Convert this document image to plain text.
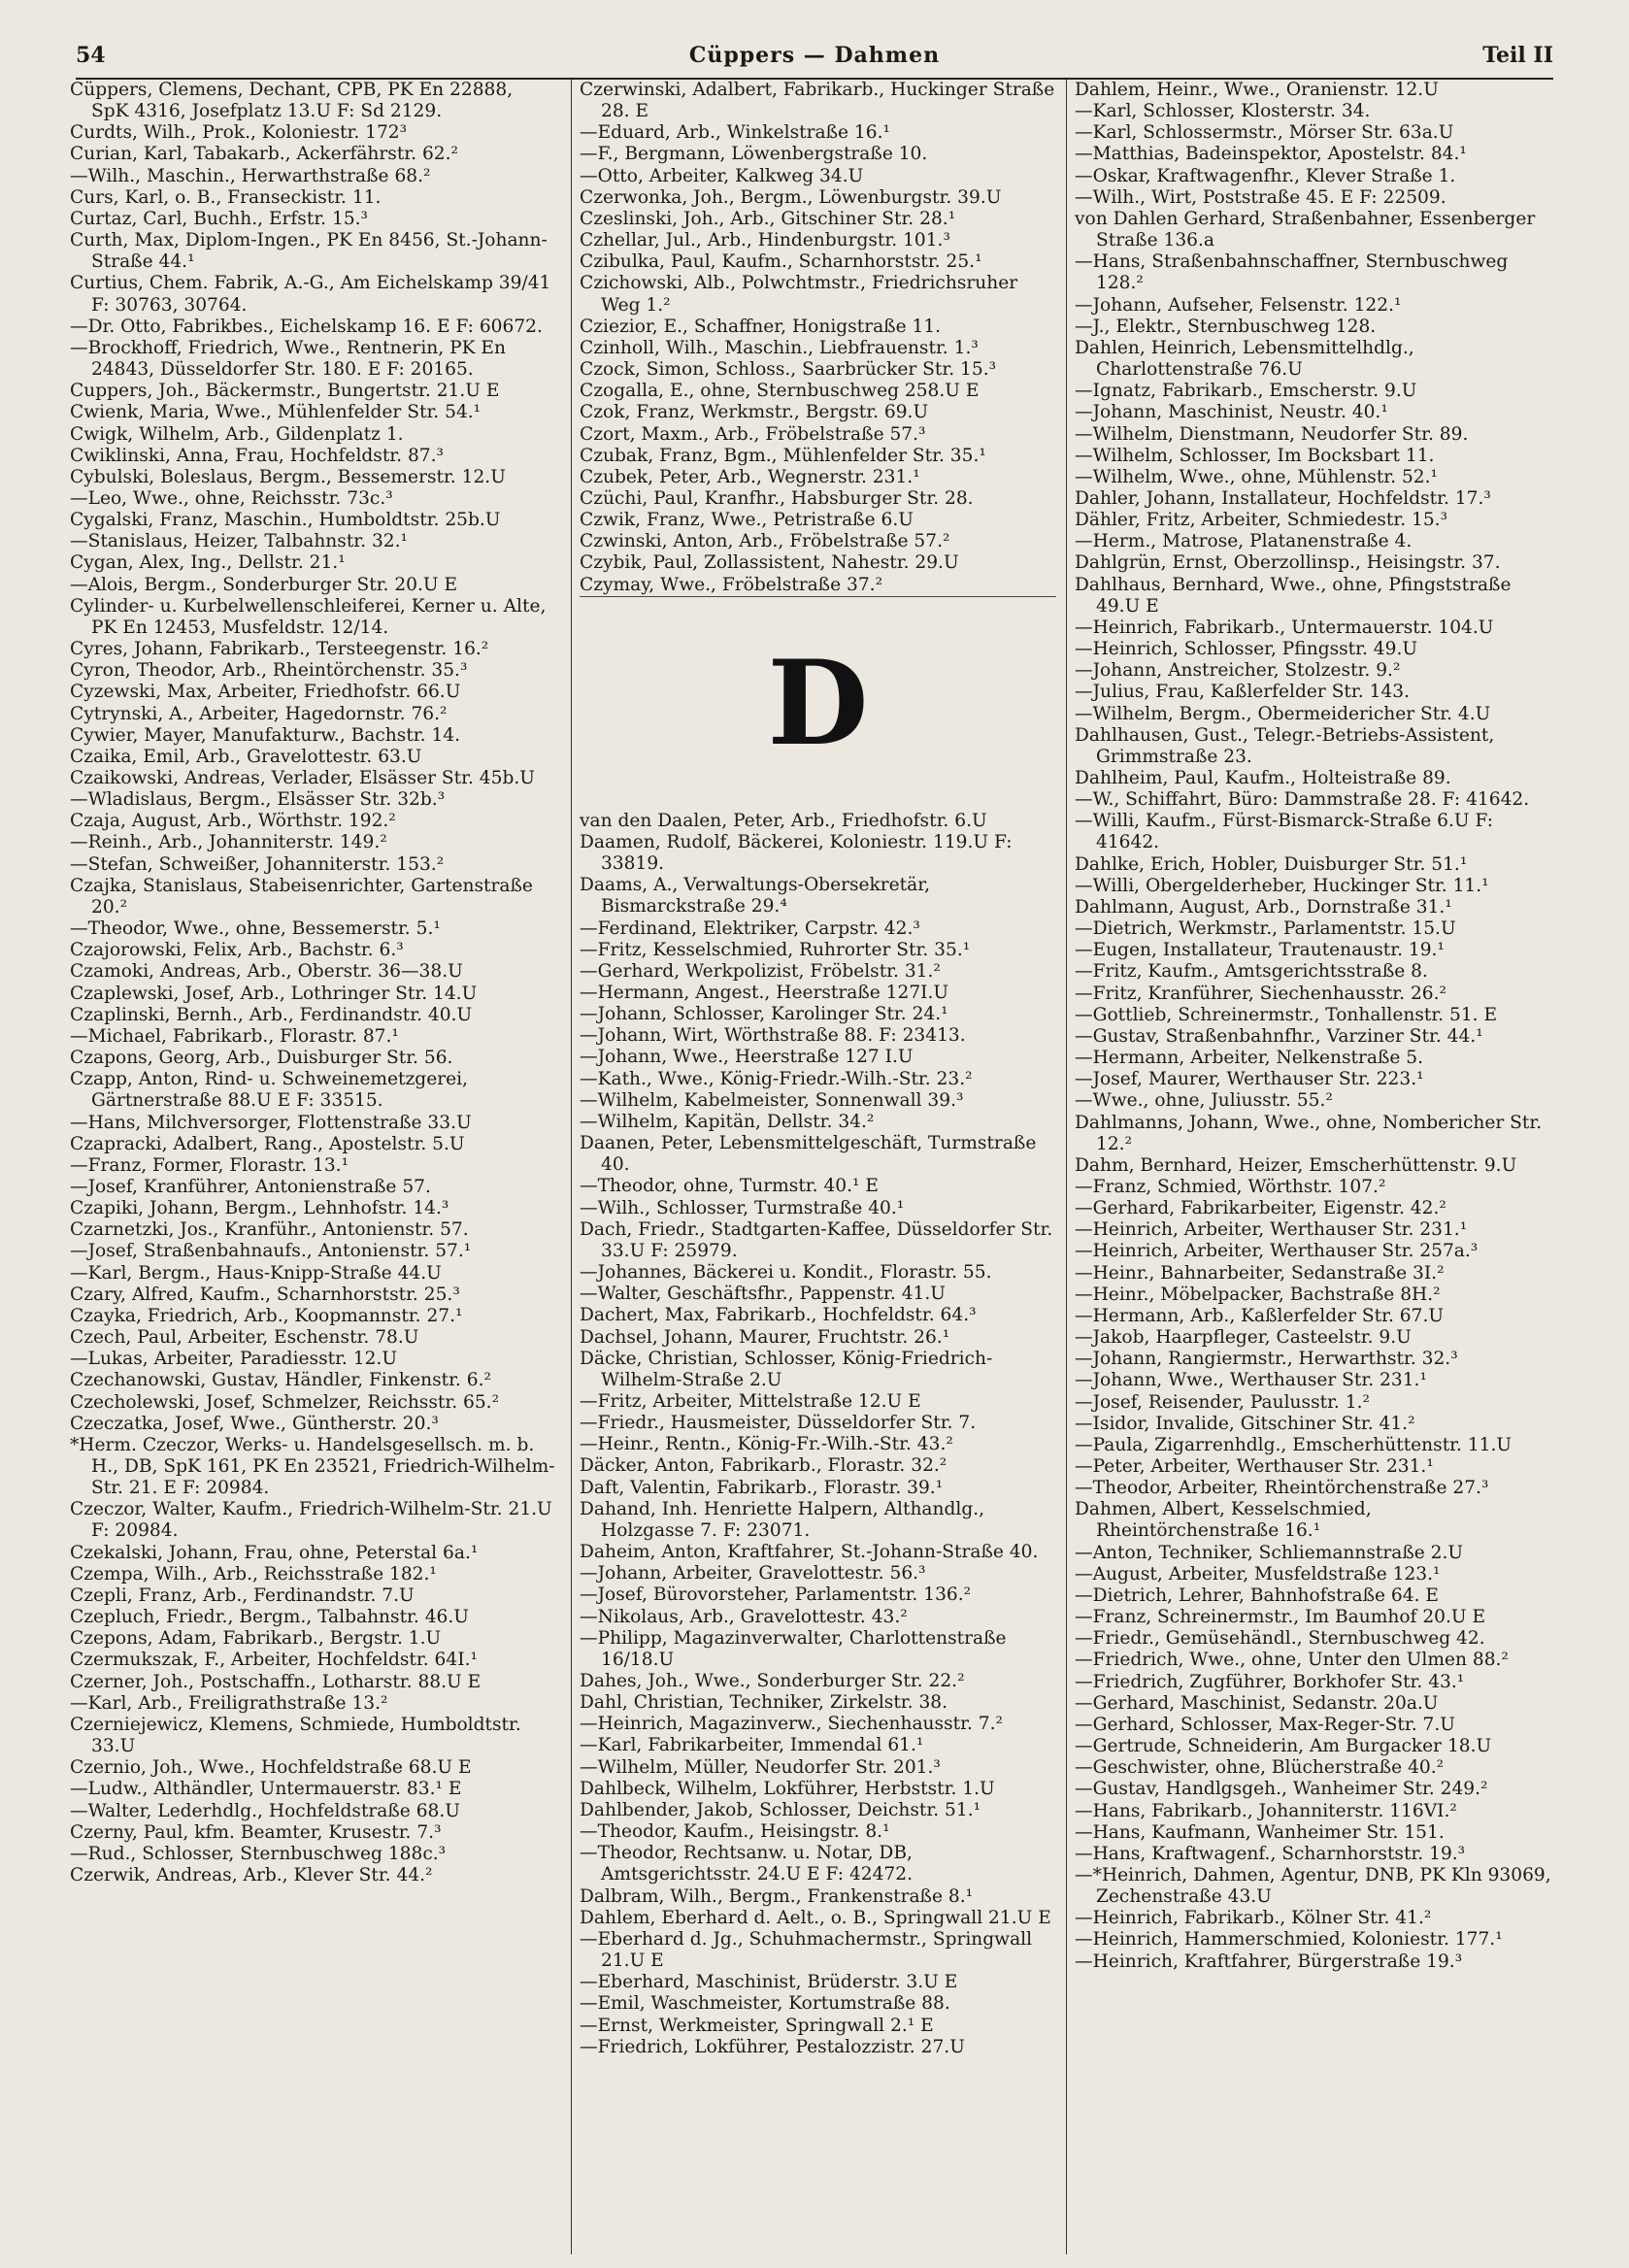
54	Cüppers — Dahmen	Teil II
Cüppers, Clemens, Dechant, CPB, PK En 22888, SpK 4316, Josefplatz 13.U F: Sd 2129.
Curdts, Wilh., Prok., Koloniestr. 172³
Curian, Karl, Tabakarb., Ackerfährstr. 62.²
—Wilh., Maschin., Herwarthstraße 68.²
Curs, Karl, o. B., Franseckistr. 11.
Curtaz, Carl, Buchh., Erfstr. 15.³
Curth, Max, Diplom-Ingen., PK En 8456, St.-Johann-Straße 44.¹
Curtius, Chem. Fabrik, A.-G., Am Eichelskamp 39/41 F: 30763, 30764.
—Dr. Otto, Fabrikbes., Eichelskamp 16. E F: 60672.
—Brockhoff, Friedrich, Wwe., Rentnerin, PK En 24843, Düsseldorfer Str. 180. E F: 20165.
Cuppers, Joh., Bäckermstr., Bungertstr. 21.U E
Cwienk, Maria, Wwe., Mühlenfelder Str. 54.¹
Cwigk, Wilhelm, Arb., Gildenplatz 1.
Cwiklinski, Anna, Frau, Hochfeldstr. 87.³
Cybulski, Boleslaus, Bergm., Bessemerstr. 12.U
—Leo, Wwe., ohne, Reichsstr. 73c.³
Cygalski, Franz, Maschin., Humboldtstr. 25b.U
—Stanislaus, Heizer, Talbahnstr. 32.¹
Cygan, Alex, Ing., Dellstr. 21.¹
—Alois, Bergm., Sonderburger Str. 20.U E
Cylinder- u. Kurbelwellenschleiferei, Kerner u. Alte, PK En 12453, Musfeldstr. 12/14.
Cyres, Johann, Fabrikarb., Tersteegenstr. 16.²
Cyron, Theodor, Arb., Rheintörchenstr. 35.³
Cyzewski, Max, Arbeiter, Friedhofstr. 66.U
Cytrynski, A., Arbeiter, Hagedornstr. 76.²
Cywier, Mayer, Manufakturw., Bachstr. 14.
Czaika, Emil, Arb., Gravelottestr. 63.U
Czaikowski, Andreas, Verlader, Elsässer Str. 45b.U
—Wladislaus, Bergm., Elsässer Str. 32b.³
Czaja, August, Arb., Wörthstr. 192.²
—Reinh., Arb., Johanniterstr. 149.²
—Stefan, Schweißer, Johanniterstr. 153.²
Czajka, Stanislaus, Stabeisenrichter, Gartenstraße 20.²
—Theodor, Wwe., ohne, Bessemerstr. 5.¹
Czajorowski, Felix, Arb., Bachstr. 6.³
Czamoki, Andreas, Arb., Oberstr. 36—38.U
Czaplewski, Josef, Arb., Lothringer Str. 14.U
Czaplinski, Bernh., Arb., Ferdinandstr. 40.U
—Michael, Fabrikarb., Florastr. 87.¹
Czapons, Georg, Arb., Duisburger Str. 56.
Czapp, Anton, Rind- u. Schweinemetzgerei, Gärtnerstraße 88.U E F: 33515.
—Hans, Milchversorger, Flottenstraße 33.U
Czapracki, Adalbert, Rang., Apostelstr. 5.U
—Franz, Former, Florastr. 13.¹
—Josef, Kranführer, Antonienstraße 57.
Czapiki, Johann, Bergm., Lehnhofstr. 14.³
Czarnetzki, Jos., Kranführ., Antonienstr. 57.
—Josef, Straßenbahnaufs., Antonienstr. 57.¹
—Karl, Bergm., Haus-Knipp-Straße 44.U
Czary, Alfred, Kaufm., Scharnhorststr. 25.³
Czayka, Friedrich, Arb., Koopmannstr. 27.¹
Czech, Paul, Arbeiter, Eschenstr. 78.U
—Lukas, Arbeiter, Paradiesstr. 12.U
Czechanowski, Gustav, Händler, Finkenstr. 6.²
Czecholewski, Josef, Schmelzer, Reichsstr. 65.²
Czeczatka, Josef, Wwe., Güntherstr. 20.³
*Herm. Czeczor, Werks- u. Handelsgesellsch. m. b. H., DB, SpK 161, PK En 23521, Friedrich-Wilhelm-Str. 21. E F: 20984.
Czeczor, Walter, Kaufm., Friedrich-Wilhelm-Str. 21.U F: 20984.
Czekalski, Johann, Frau, ohne, Peterstal 6a.¹
Czempa, Wilh., Arb., Reichsstraße 182.¹
Czepli, Franz, Arb., Ferdinandstr. 7.U
Czepluch, Friedr., Bergm., Talbahnstr. 46.U
Czepons, Adam, Fabrikarb., Bergstr. 1.U
Czermukszak, F., Arbeiter, Hochfeldstr. 64I.¹
Czerner, Joh., Postschaffn., Lotharstr. 88.U E
—Karl, Arb., Freiligrathstraße 13.²
Czerniejewicz, Klemens, Schmiede, Humboldtstr. 33.U
Czernio, Joh., Wwe., Hochfeldstraße 68.U E
—Ludw., Althändler, Untermauerstr. 83.¹ E
—Walter, Lederhdlg., Hochfeldstraße 68.U
Czerny, Paul, kfm. Beamter, Krusestr. 7.³
—Rud., Schlosser, Sternbuschweg 188c.³
Czerwik, Andreas, Arb., Klever Str. 44.²
Czerwinski, Adalbert, Fabrikarb., Huckinger Straße 28. E
—Eduard, Arb., Winkelstraße 16.¹
—F., Bergmann, Löwenbergstraße 10.
—Otto, Arbeiter, Kalkweg 34.U
Czerwonka, Joh., Bergm., Löwenburgstr. 39.U
Czeslinski, Joh., Arb., Gitschiner Str. 28.¹
Czhellar, Jul., Arb., Hindenburgstr. 101.³
Czibulka, Paul, Kaufm., Scharnhorststr. 25.¹
Czichowski, Alb., Polwchtmstr., Friedrichsruher Weg 1.²
Cziezior, E., Schaffner, Honigstraße 11.
Czinholl, Wilh., Maschin., Liebfrauenstr. 1.³
Czock, Simon, Schloss., Saarbrücker Str. 15.³
Czogalla, E., ohne, Sternbuschweg 258.U E
Czok, Franz, Werkmstr., Bergstr. 69.U
Czort, Maxm., Arb., Fröbelstraße 57.³
Czubak, Franz, Bgm., Mühlenfelder Str. 35.¹
Czubek, Peter, Arb., Wegnerstr. 231.¹
Czüchi, Paul, Kranfhr., Habsburger Str. 28.
Czwik, Franz, Wwe., Petristraße 6.U
Czwinski, Anton, Arb., Fröbelstraße 57.²
Czybik, Paul, Zollassistent, Nahestr. 29.U
Czymay, Wwe., Fröbelstraße 37.²
D
van den Daalen, Peter, Arb., Friedhofstr. 6.U
Daamen, Rudolf, Bäckerei, Koloniestr. 119.U F: 33819.
Daams, A., Verwaltungs-Obersekretär, Bismarckstraße 29.⁴
—Ferdinand, Elektriker, Carpstr. 42.³
—Fritz, Kesselschmied, Ruhrorter Str. 35.¹
—Gerhard, Werkpolizist, Fröbelstr. 31.²
—Hermann, Angest., Heerstraße 127I.U
—Johann, Schlosser, Karolinger Str. 24.¹
—Johann, Wirt, Wörthstraße 88. F: 23413.
—Johann, Wwe., Heerstraße 127 I.U
—Kath., Wwe., König-Friedr.-Wilh.-Str. 23.²
—Wilhelm, Kabelmeister, Sonnenwall 39.³
—Wilhelm, Kapitän, Dellstr. 34.²
Daanen, Peter, Lebensmittelgeschäft, Turmstraße 40.
—Theodor, ohne, Turmstr. 40.¹ E
—Wilh., Schlosser, Turmstraße 40.¹
Dach, Friedr., Stadtgarten-Kaffee, Düsseldorfer Str. 33.U F: 25979.
—Johannes, Bäckerei u. Kondit., Florastr. 55.
—Walter, Geschäftsfhr., Pappenstr. 41.U
Dachert, Max, Fabrikarb., Hochfeldstr. 64.³
Dachsel, Johann, Maurer, Fruchtstr. 26.¹
Däcke, Christian, Schlosser, König-Friedrich-Wilhelm-Straße 2.U
—Fritz, Arbeiter, Mittelstraße 12.U E
—Friedr., Hausmeister, Düsseldorfer Str. 7.
—Heinr., Rentn., König-Fr.-Wilh.-Str. 43.²
Däcker, Anton, Fabrikarb., Florastr. 32.²
Daft, Valentin, Fabrikarb., Florastr. 39.¹
Dahand, Inh. Henriette Halpern, Althandlg., Holzgasse 7. F: 23071.
Daheim, Anton, Kraftfahrer, St.-Johann-Straße 40.
—Johann, Arbeiter, Gravelottestr. 56.³
—Josef, Bürovorsteher, Parlamentstr. 136.²
—Nikolaus, Arb., Gravelottestr. 43.²
—Philipp, Magazinverwalter, Charlottenstraße 16/18.U
Dahes, Joh., Wwe., Sonderburger Str. 22.²
Dahl, Christian, Techniker, Zirkelstr. 38.
—Heinrich, Magazinverw., Siechenhausstr. 7.²
—Karl, Fabrikarbeiter, Immendal 61.¹
—Wilhelm, Müller, Neudorfer Str. 201.³
Dahlbeck, Wilhelm, Lokführer, Herbststr. 1.U
Dahlbender, Jakob, Schlosser, Deichstr. 51.¹
—Theodor, Kaufm., Heisingstr. 8.¹
—Theodor, Rechtsanw. u. Notar, DB, Amtsgerichtsstr. 24.U E F: 42472.
Dalbram, Wilh., Bergm., Frankenstraße 8.¹
Dahlem, Eberhard d. Aelt., o. B., Springwall 21.U E
—Eberhard d. Jg., Schuhmachermstr., Springwall 21.U E
—Eberhard, Maschinist, Brüderstr. 3.U E
—Emil, Waschmeister, Kortumstraße 88.
—Ernst, Werkmeister, Springwall 2.¹ E
—Friedrich, Lokführer, Pestalozzistr. 27.U
Dahlem, Heinr., Wwe., Oranienstr. 12.U
—Karl, Schlosser, Klosterstr. 34.
—Karl, Schlossermstr., Mörser Str. 63a.U
—Matthias, Badeinspektor, Apostelstr. 84.¹
—Oskar, Kraftwagenfhr., Klever Straße 1.
—Wilh., Wirt, Poststraße 45. E F: 22509.
von Dahlen Gerhard, Straßenbahner, Essenberger Straße 136.a
—Hans, Straßenbahnschaffner, Sternbuschweg 128.²
—Johann, Aufseher, Felsenstr. 122.¹
—J., Elektr., Sternbuschweg 128.
Dahlen, Heinrich, Lebensmittelhdlg., Charlottenstraße 76.U
—Ignatz, Fabrikarb., Emscherstr. 9.U
—Johann, Maschinist, Neustr. 40.¹
—Wilhelm, Dienstmann, Neudorfer Str. 89.
—Wilhelm, Schlosser, Im Bocksbart 11.
—Wilhelm, Wwe., ohne, Mühlenstr. 52.¹
Dahler, Johann, Installateur, Hochfeldstr. 17.³
Dähler, Fritz, Arbeiter, Schmiedestr. 15.³
—Herm., Matrose, Platanenstraße 4.
Dahlgrün, Ernst, Oberzollinsp., Heisingstr. 37.
Dahlhaus, Bernhard, Wwe., ohne, Pfingststraße 49.U E
—Heinrich, Fabrikarb., Untermauerstr. 104.U
—Heinrich, Schlosser, Pfingsstr. 49.U
—Johann, Anstreicher, Stolzestr. 9.²
—Julius, Frau, Kaßlerfelder Str. 143.
—Wilhelm, Bergm., Obermeidericher Str. 4.U
Dahlhausen, Gust., Telegr.-Betriebs-Assistent, Grimmstraße 23.
Dahlheim, Paul, Kaufm., Holteistraße 89.
—W., Schiffahrt, Büro: Dammstraße 28. F: 41642.
—Willi, Kaufm., Fürst-Bismarck-Straße 6.U F: 41642.
Dahlke, Erich, Hobler, Duisburger Str. 51.¹
—Willi, Obergelderheber, Huckinger Str. 11.¹
Dahlmann, August, Arb., Dornstraße 31.¹
—Dietrich, Werkmstr., Parlamentstr. 15.U
—Eugen, Installateur, Trautenaustr. 19.¹
—Fritz, Kaufm., Amtsgerichtsstraße 8.
—Fritz, Kranführer, Siechenhausstr. 26.²
—Gottlieb, Schreinermstr., Tonhallenstr. 51. E
—Gustav, Straßenbahnfhr., Varziner Str. 44.¹
—Hermann, Arbeiter, Nelkenstraße 5.
—Josef, Maurer, Werthauser Str. 223.¹
—Wwe., ohne, Juliusstr. 55.²
Dahlmanns, Johann, Wwe., ohne, Nombericher Str. 12.²
Dahm, Bernhard, Heizer, Emscherhüttenstr. 9.U
—Franz, Schmied, Wörthstr. 107.²
—Gerhard, Fabrikarbeiter, Eigenstr. 42.²
—Heinrich, Arbeiter, Werthauser Str. 231.¹
—Heinrich, Arbeiter, Werthauser Str. 257a.³
—Heinr., Bahnarbeiter, Sedanstraße 3I.²
—Heinr., Möbelpacker, Bachstraße 8H.²
—Hermann, Arb., Kaßlerfelder Str. 67.U
—Jakob, Haarpfleger, Casteelstr. 9.U
—Johann, Rangiermstr., Herwarthstr. 32.³
—Johann, Wwe., Werthauser Str. 231.¹
—Josef, Reisender, Paulusstr. 1.²
—Isidor, Invalide, Gitschiner Str. 41.²
—Paula, Zigarrenhdlg., Emscherhüttenstr. 11.U
—Peter, Arbeiter, Werthauser Str. 231.¹
—Theodor, Arbeiter, Rheintörchenstraße 27.³
Dahmen, Albert, Kesselschmied, Rheintörchenstraße 16.¹
—Anton, Techniker, Schliemannstraße 2.U
—August, Arbeiter, Musfeldstraße 123.¹
—Dietrich, Lehrer, Bahnhofstraße 64. E
—Franz, Schreinermstr., Im Baumhof 20.U E
—Friedr., Gemüsehändl., Sternbuschweg 42.
—Friedrich, Wwe., ohne, Unter den Ulmen 88.²
—Friedrich, Zugführer, Borkhofer Str. 43.¹
—Gerhard, Maschinist, Sedanstr. 20a.U
—Gerhard, Schlosser, Max-Reger-Str. 7.U
—Gertrude, Schneiderin, Am Burgacker 18.U
—Geschwister, ohne, Blücherstraße 40.²
—Gustav, Handlgsgeh., Wanheimer Str. 249.²
—Hans, Fabrikarb., Johanniterstr. 116VI.²
—Hans, Kaufmann, Wanheimer Str. 151.
—Hans, Kraftwagenf., Scharnhorststr. 19.³
—*Heinrich, Dahmen, Agentur, DNB, PK Kln 93069, Zechenstraße 43.U
—Heinrich, Fabrikarb., Kölner Str. 41.²
—Heinrich, Hammerschmied, Koloniestr. 177.¹
—Heinrich, Kraftfahrer, Bürgerstraße 19.³
